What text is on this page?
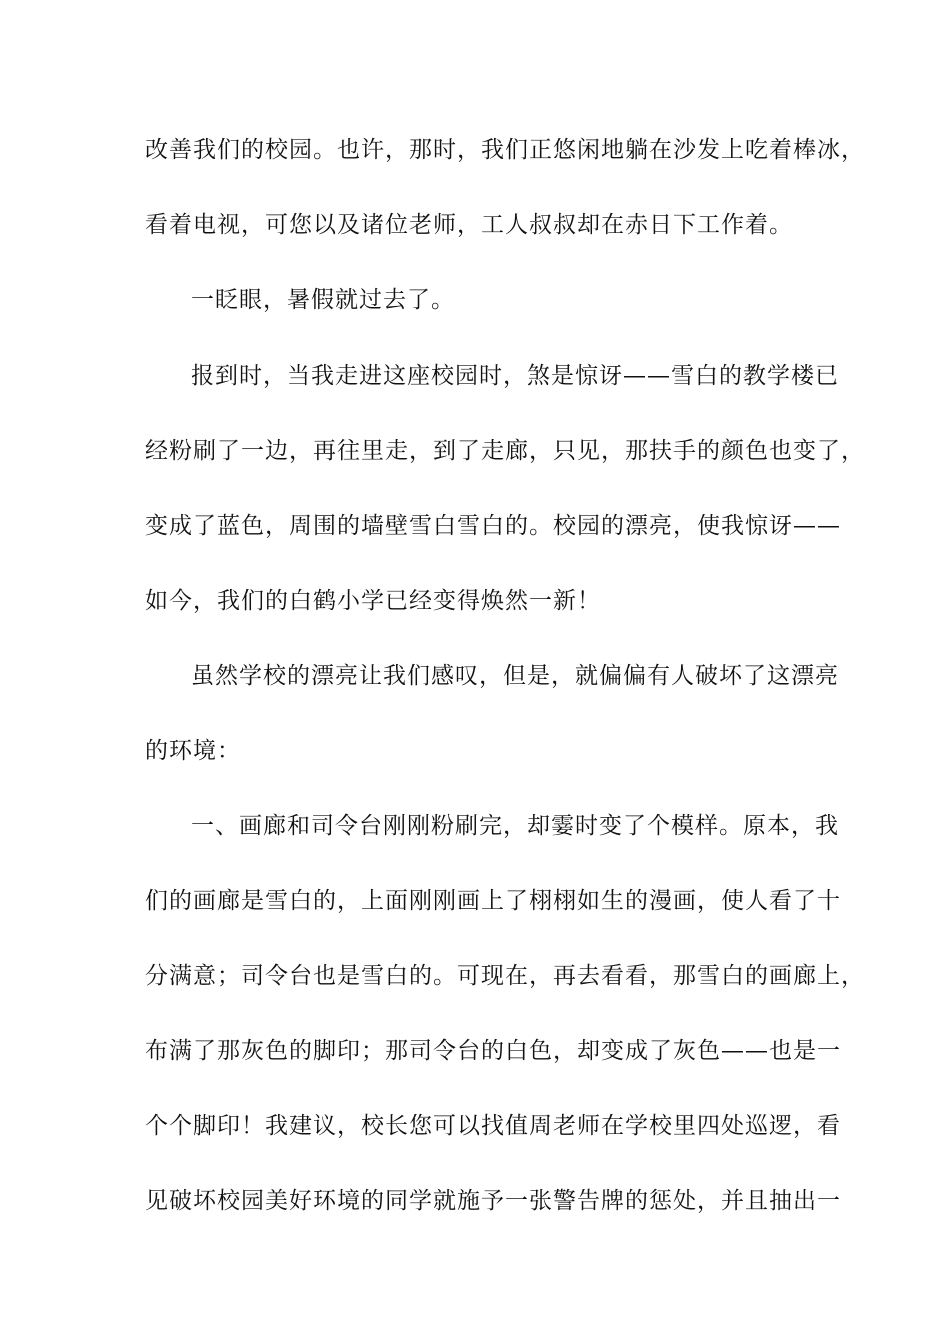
改善我们的校园。也许，那时，我们正悠闲地躺在沙发上吃着棒冰，
看着电视，可您以及诸位老师，工人叔叔却在赤日下工作着。
一眨眼，暑假就过去了。
报到时，当我走进这座校园时，煞是惊讶——雪白的教学楼已
经粉刷了一边，再往里走，到了走廊，只见，那扶手的颜色也变了，
变成了蓝色，周围的墙壁雪白雪白的。校园的漂亮，使我惊讶——
如今，我们的白鹤小学已经变得焕然一新！
虽然学校的漂亮让我们感叹，但是，就偏偏有人破坏了这漂亮
的环境：
一、画廊和司令台刚刚粉刷完，却霎时变了个模样。原本，我
们的画廊是雪白的，上面刚刚画上了栩栩如生的漫画，使人看了十
分满意；司令台也是雪白的。可现在，再去看看，那雪白的画廊上，
布满了那灰色的脚印；那司令台的白色，却变成了灰色——也是一
个个脚印！我建议，校长您可以找值周老师在学校里四处巡逻，看
见破坏校园美好环境的同学就施予一张警告牌的惩处，并且抽出一
